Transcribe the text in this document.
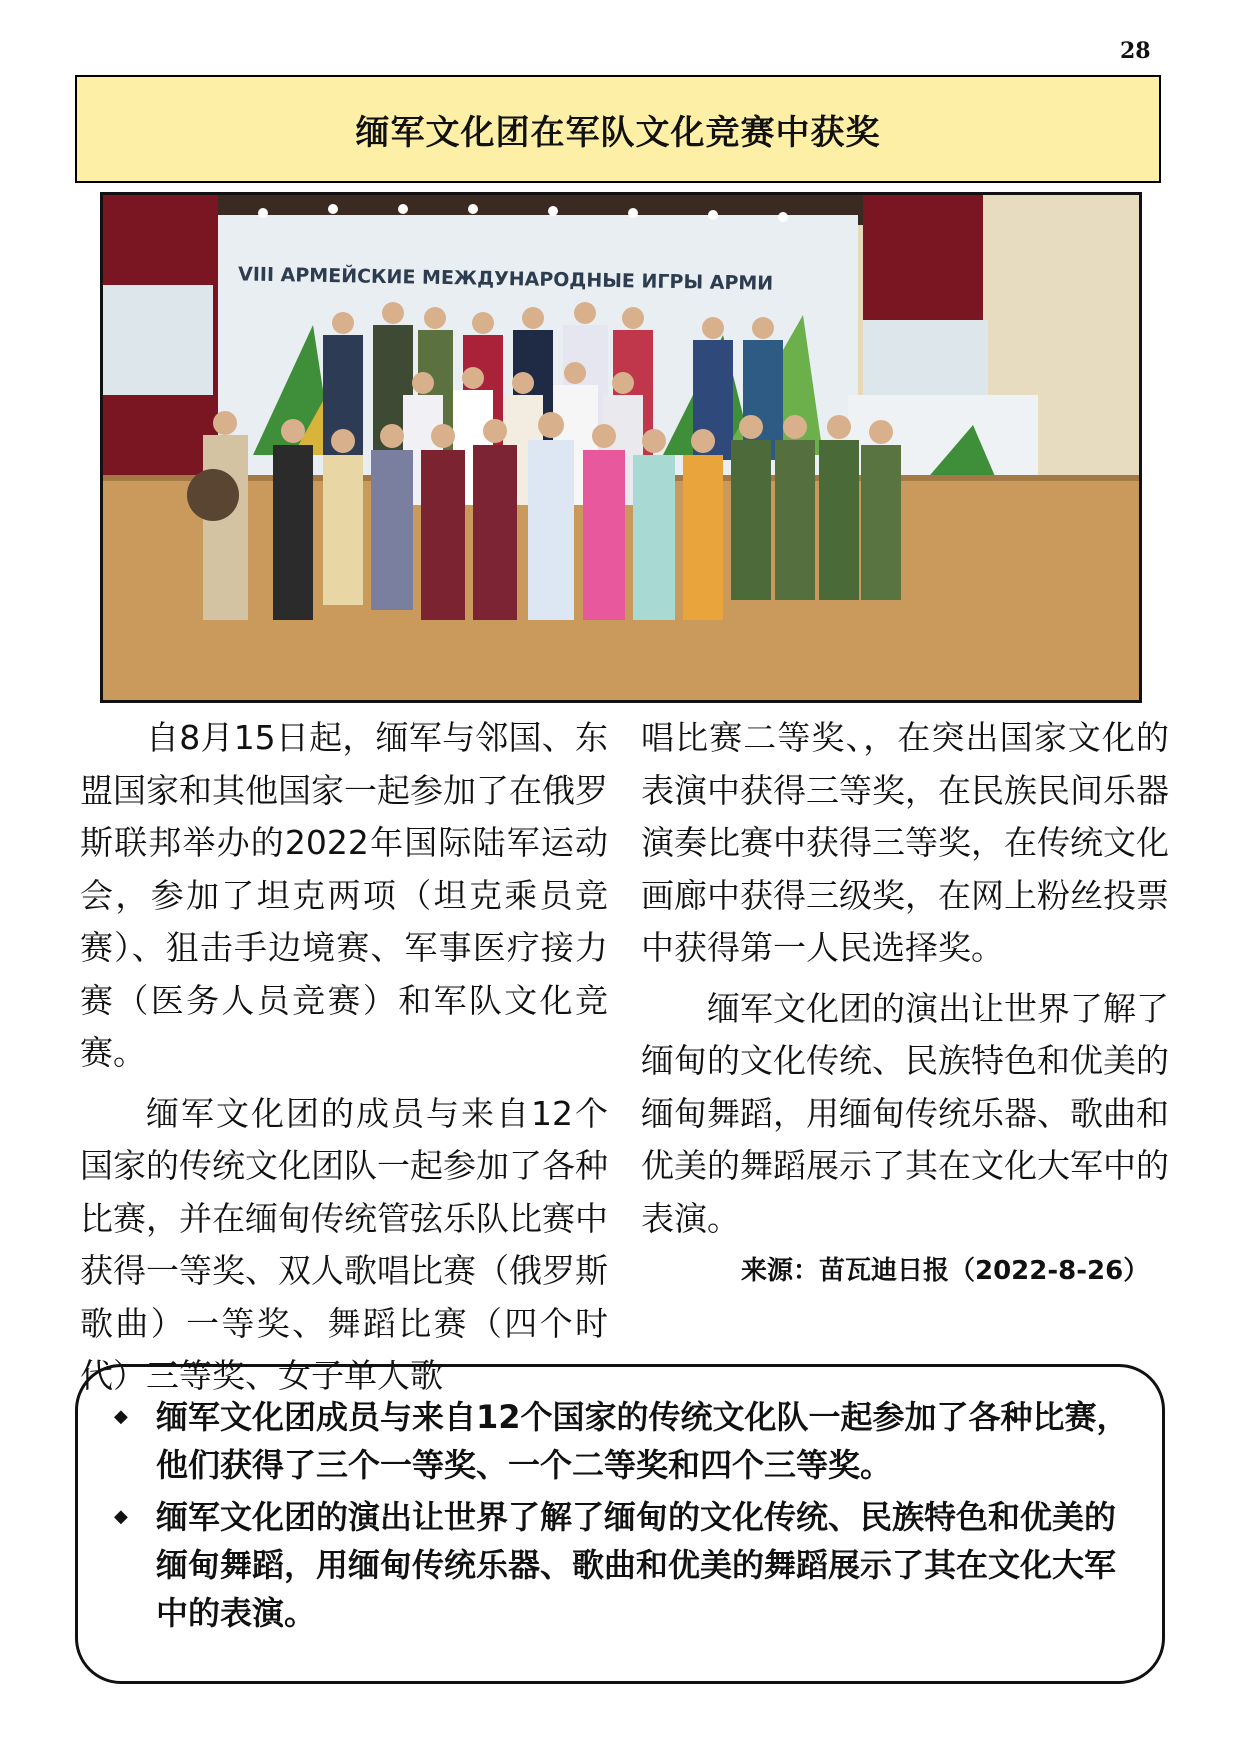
28
缅军文化团在军队文化竞赛中获奖
VIII АРМЕЙСКИЕ МЕЖДУНАРОДНЫЕ ИГРЫ АРМИ

自8月15日起，缅军与邻国、东盟国家和其他国家一起参加了在俄罗斯联邦举办的2022年国际陆军运动会，参加了坦克两项（坦克乘员竞赛）、狙击手边境赛、军事医疗接力赛（医务人员竞赛）和军队文化竞赛。

缅军文化团的成员与来自12个国家的传统文化团队一起参加了各种比赛，并在缅甸传统管弦乐队比赛中获得一等奖、双人歌唱比赛（俄罗斯歌曲）一等奖、舞蹈比赛（四个时代）三等奖、女子单人歌

唱比赛二等奖、，在突出国家文化的表演中获得三等奖，在民族民间乐器演奏比赛中获得三等奖，在传统文化画廊中获得三级奖，在网上粉丝投票中获得第一人民选择奖。

缅军文化团的演出让世界了解了缅甸的文化传统、民族特色和优美的缅甸舞蹈，用缅甸传统乐器、歌曲和优美的舞蹈展示了其在文化大军中的表演。

来源：苗瓦迪日报（2022-8-26）
◆ 缅军文化团成员与来自12个国家的传统文化队一起参加了各种比赛，他们获得了三个一等奖、一个二等奖和四个三等奖。
◆ 缅军文化团的演出让世界了解了缅甸的文化传统、民族特色和优美的缅甸舞蹈，用缅甸传统乐器、歌曲和优美的舞蹈展示了其在文化大军中的表演。
